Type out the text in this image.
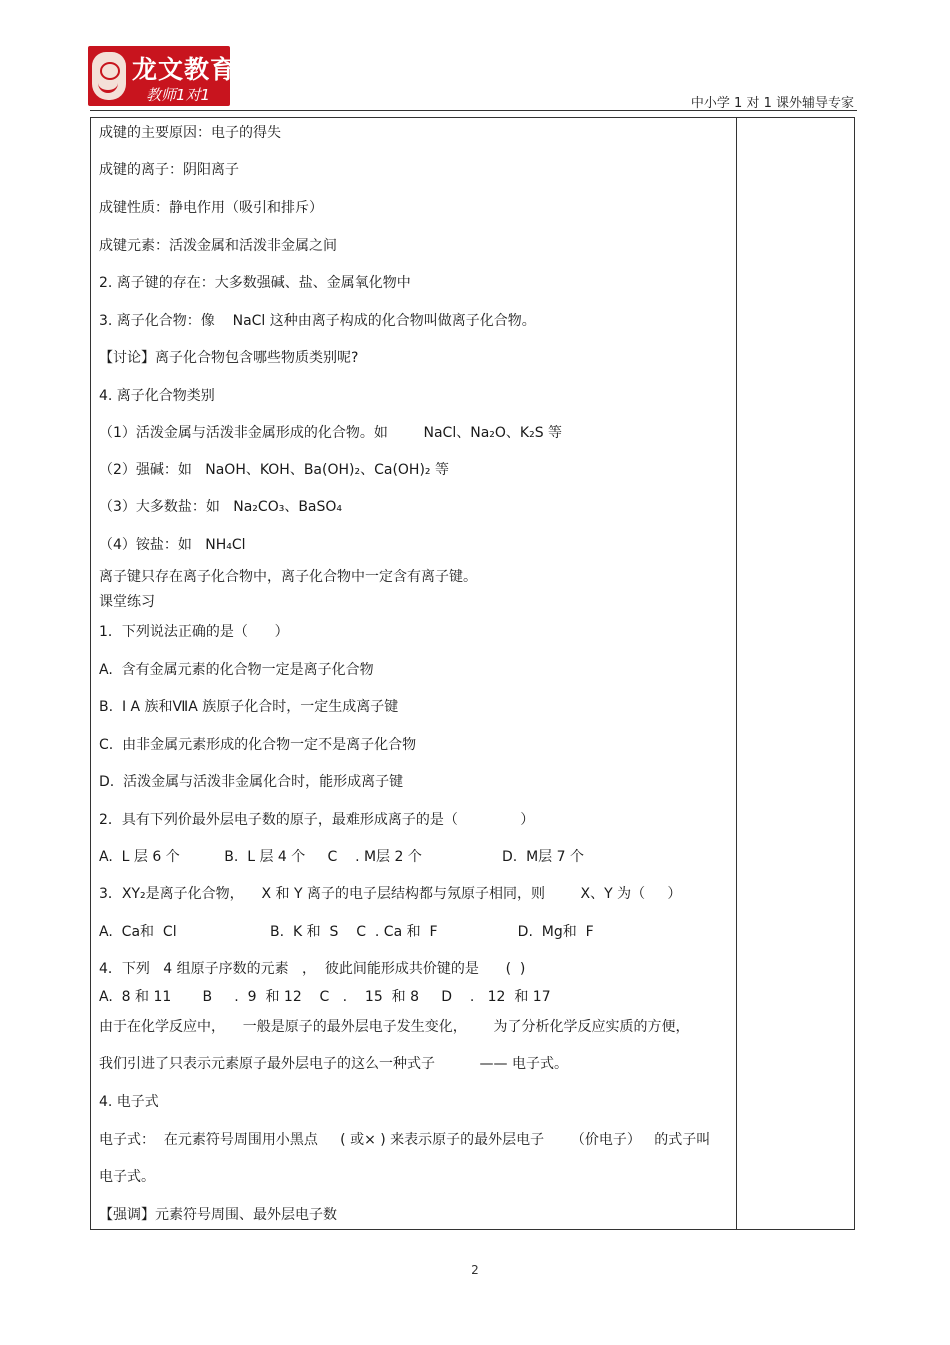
龙文教育
教师1对1	中小学 1 对 1 课外辅导专家
成键的主要原因：电子的得失
成键的离子：阴阳离子
成键性质：静电作用（吸引和排斥）
成键元素：活泼金属和活泼非金属之间
2. 离子键的存在：大多数强碱、盐、金属氧化物中
3. 离子化合物：像    NaCl 这种由离子构成的化合物叫做离子化合物。
【讨论】离子化合物包含哪些物质类别呢?
4. 离子化合物类别
（1）活泼金属与活泼非金属形成的化合物。如        NaCl、Na₂O、K₂S 等
（2）强碱：如   NaOH、KOH、Ba(OH)₂、Ca(OH)₂ 等
（3）大多数盐：如   Na₂CO₃、BaSO₄
（4）铵盐：如   NH₄Cl
离子键只存在离子化合物中，离子化合物中一定含有离子键。
课堂练习
1．下列说法正确的是（      ）
A.  含有金属元素的化合物一定是离子化合物
B.  Ⅰ A 族和ⅦA 族原子化合时，一定生成离子键
C.  由非金属元素形成的化合物一定不是离子化合物
D.  活泼金属与活泼非金属化合时，能形成离子键
2．具有下列价最外层电子数的原子，最难形成离子的是（              ）
A.  L 层 6 个          B.  L 层 4 个     C    . M层 2 个                  D.  M层 7 个
3．XY₂是离子化合物，    X 和 Y 离子的电子层结构都与氖原子相同，则        X、Y 为（     ）
A.  Ca和  Cl                     B.  K 和  S    C  . Ca 和  F                  D.  Mg和  F
4．下列   4 组原子序数的元素   ，  彼此间能形成共价键的是      (  )
A.  8 和 11       B     .  9  和 12    C   .    15  和 8     D    .   12  和 17
由于在化学反应中，    一般是原子的最外层电子发生变化，      为了分析化学反应实质的方便，
我们引进了只表示元素原子最外层电子的这么一种式子          —— 电子式。
4. 电子式
电子式：  在元素符号周围用小黑点     ( 或× ) 来表示原子的最外层电子      （价电子）   的式子叫
电子式。
【强调】元素符号周围、最外层电子数
2
